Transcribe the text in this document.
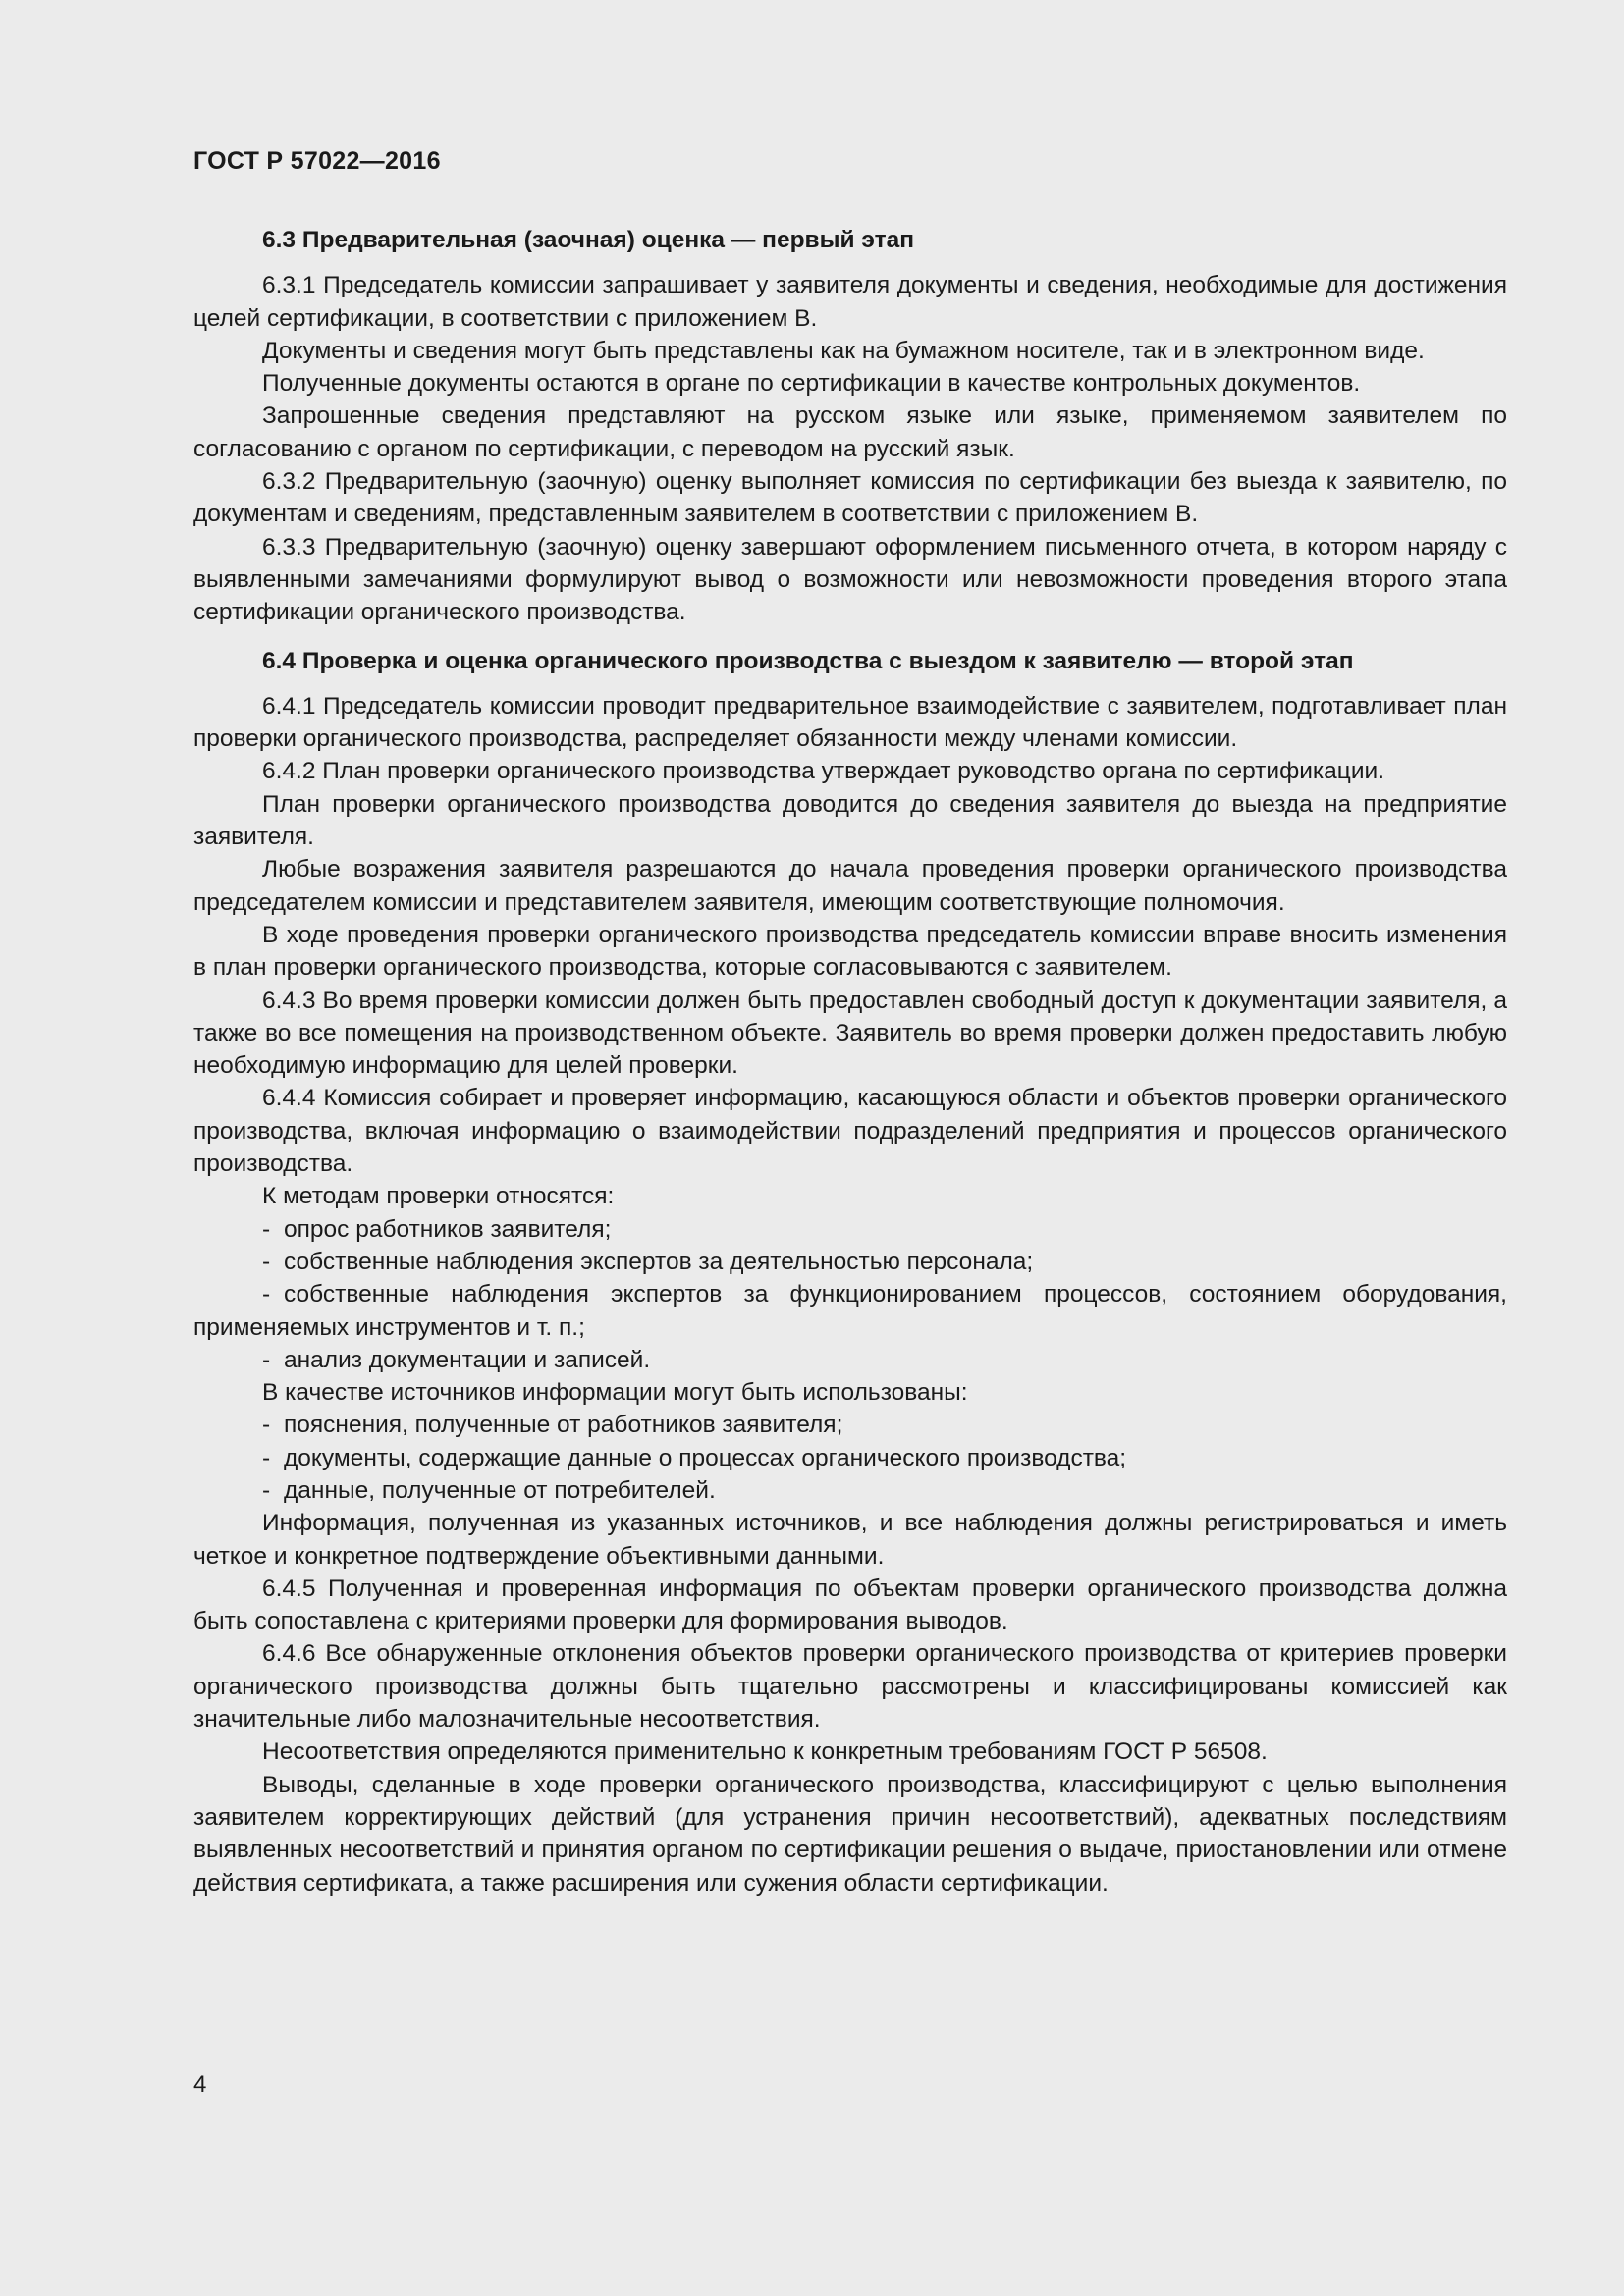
ГОСТ Р 57022—2016
6.3 Предварительная (заочная) оценка — первый этап

6.3.1 Председатель комиссии запрашивает у заявителя документы и сведения, необходимые для достижения целей сертификации, в соответствии с приложением В.

Документы и сведения могут быть представлены как на бумажном носителе, так и в электронном виде.

Полученные документы остаются в органе по сертификации в качестве контрольных документов.

Запрошенные сведения представляют на русском языке или языке, применяемом заявителем по согласованию с органом по сертификации, с переводом на русский язык.

6.3.2 Предварительную (заочную) оценку выполняет комиссия по сертификации без выезда к заявителю, по документам и сведениям, представленным заявителем в соответствии с приложением В.

6.3.3 Предварительную (заочную) оценку завершают оформлением письменного отчета, в котором наряду с выявленными замечаниями формулируют вывод о возможности или невозможности проведения второго этапа сертификации органического производства.

6.4 Проверка и оценка органического производства с выездом к заявителю — второй этап

6.4.1 Председатель комиссии проводит предварительное взаимодействие с заявителем, подготавливает план проверки органического производства, распределяет обязанности между членами комиссии.

6.4.2 План проверки органического производства утверждает руководство органа по сертификации.

План проверки органического производства доводится до сведения заявителя до выезда на предприятие заявителя.

Любые возражения заявителя разрешаются до начала проведения проверки органического производства председателем комиссии и представителем заявителя, имеющим соответствующие полномочия.

В ходе проведения проверки органического производства председатель комиссии вправе вносить изменения в план проверки органического производства, которые согласовываются с заявителем.

6.4.3 Во время проверки комиссии должен быть предоставлен свободный доступ к документации заявителя, а также во все помещения на производственном объекте. Заявитель во время проверки должен предоставить любую необходимую информацию для целей проверки.

6.4.4 Комиссия собирает и проверяет информацию, касающуюся области и объектов проверки органического производства, включая информацию о взаимодействии подразделений предприятия и процессов органического производства.

К методам проверки относятся:

- опрос работников заявителя;

- собственные наблюдения экспертов за деятельностью персонала;

- собственные наблюдения экспертов за функционированием процессов, состоянием оборудования, применяемых инструментов и т. п.;

- анализ документации и записей.

В качестве источников информации могут быть использованы:

- пояснения, полученные от работников заявителя;

- документы, содержащие данные о процессах органического производства;

- данные, полученные от потребителей.

Информация, полученная из указанных источников, и все наблюдения должны регистрироваться и иметь четкое и конкретное подтверждение объективными данными.

6.4.5 Полученная и проверенная информация по объектам проверки органического производства должна быть сопоставлена с критериями проверки для формирования выводов.

6.4.6 Все обнаруженные отклонения объектов проверки органического производства от критериев проверки органического производства должны быть тщательно рассмотрены и классифицированы комиссией как значительные либо малозначительные несоответствия.

Несоответствия определяются применительно к конкретным требованиям ГОСТ Р 56508.

Выводы, сделанные в ходе проверки органического производства, классифицируют с целью выполнения заявителем корректирующих действий (для устранения причин несоответствий), адекватных последствиям выявленных несоответствий и принятия органом по сертификации решения о выдаче, приостановлении или отмене действия сертификата, а также расширения или сужения области сертификации.

4
